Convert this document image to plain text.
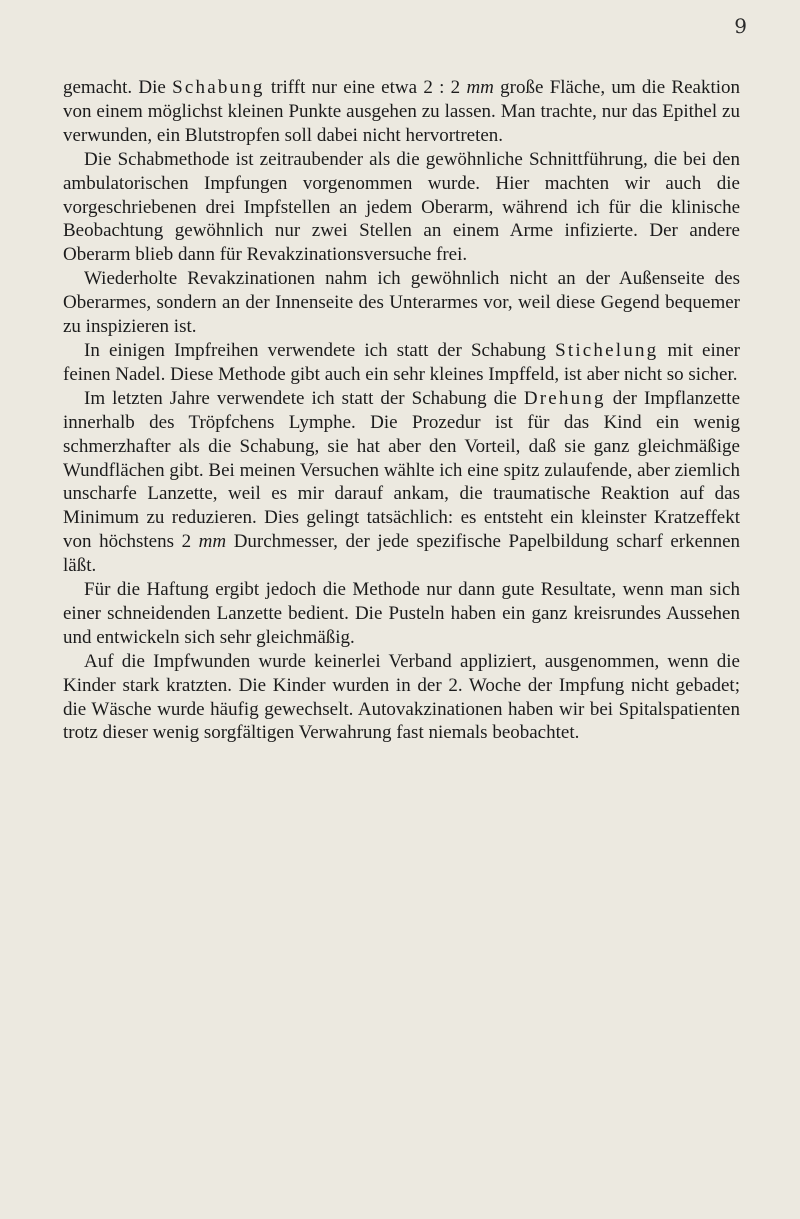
9

gemacht. Die Schabung trifft nur eine etwa 2 : 2 mm große Fläche, um die Reaktion von einem möglichst kleinen Punkte ausgehen zu lassen. Man trachte, nur das Epithel zu verwunden, ein Blutstropfen soll dabei nicht hervortreten.

Die Schabmethode ist zeitraubender als die gewöhnliche Schnittführung, die bei den ambulatorischen Impfungen vorgenommen wurde. Hier machten wir auch die vorgeschriebenen drei Impfstellen an jedem Oberarm, während ich für die klinische Beobachtung gewöhnlich nur zwei Stellen an einem Arme infizierte. Der andere Oberarm blieb dann für Revakzinationsversuche frei.

Wiederholte Revakzinationen nahm ich gewöhnlich nicht an der Außenseite des Oberarmes, sondern an der Innenseite des Unterarmes vor, weil diese Gegend bequemer zu inspizieren ist.

In einigen Impfreihen verwendete ich statt der Schabung Stichelung mit einer feinen Nadel. Diese Methode gibt auch ein sehr kleines Impffeld, ist aber nicht so sicher.

Im letzten Jahre verwendete ich statt der Schabung die Drehung der Impflanzette innerhalb des Tröpfchens Lymphe. Die Prozedur ist für das Kind ein wenig schmerzhafter als die Schabung, sie hat aber den Vorteil, daß sie ganz gleichmäßige Wundflächen gibt. Bei meinen Versuchen wählte ich eine spitz zulaufende, aber ziemlich unscharfe Lanzette, weil es mir darauf ankam, die traumatische Reaktion auf das Minimum zu reduzieren. Dies gelingt tatsächlich: es entsteht ein kleinster Kratzeffekt von höchstens 2 mm Durchmesser, der jede spezifische Papelbildung scharf erkennen läßt.

Für die Haftung ergibt jedoch die Methode nur dann gute Resultate, wenn man sich einer schneidenden Lanzette bedient. Die Pusteln haben ein ganz kreisrundes Aussehen und entwickeln sich sehr gleichmäßig.

Auf die Impfwunden wurde keinerlei Verband appliziert, ausgenommen, wenn die Kinder stark kratzten. Die Kinder wurden in der 2. Woche der Impfung nicht gebadet; die Wäsche wurde häufig gewechselt. Autovakzinationen haben wir bei Spitalspatienten trotz dieser wenig sorgfältigen Verwahrung fast niemals beobachtet.
